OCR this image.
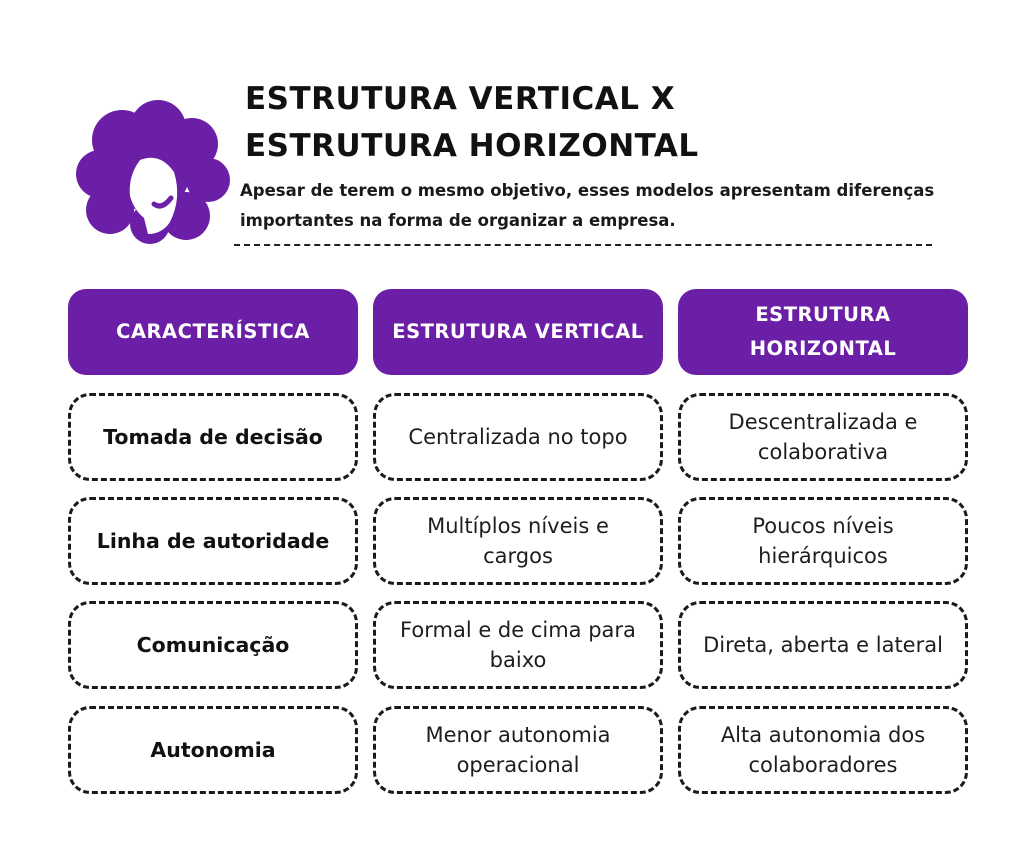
ESTRUTURA VERTICAL X
ESTRUTURA HORIZONTAL

Apesar de terem o mesmo objetivo, esses modelos apresentam diferenças importantes na forma de organizar a empresa.

CARACTERÍSTICA	ESTRUTURA VERTICAL
ESTRUTURA HORIZONTAL
Tomada de decisão	Centralizada no topo
Descentralizada e colaborativa
Linha de autoridade
Multíplos níveis e cargos
Poucos níveis hierárquicos
Comunicação
Formal e de cima para baixo
Direta, aberta e lateral
Autonomia
Menor autonomia operacional
Alta autonomia dos colaboradores
